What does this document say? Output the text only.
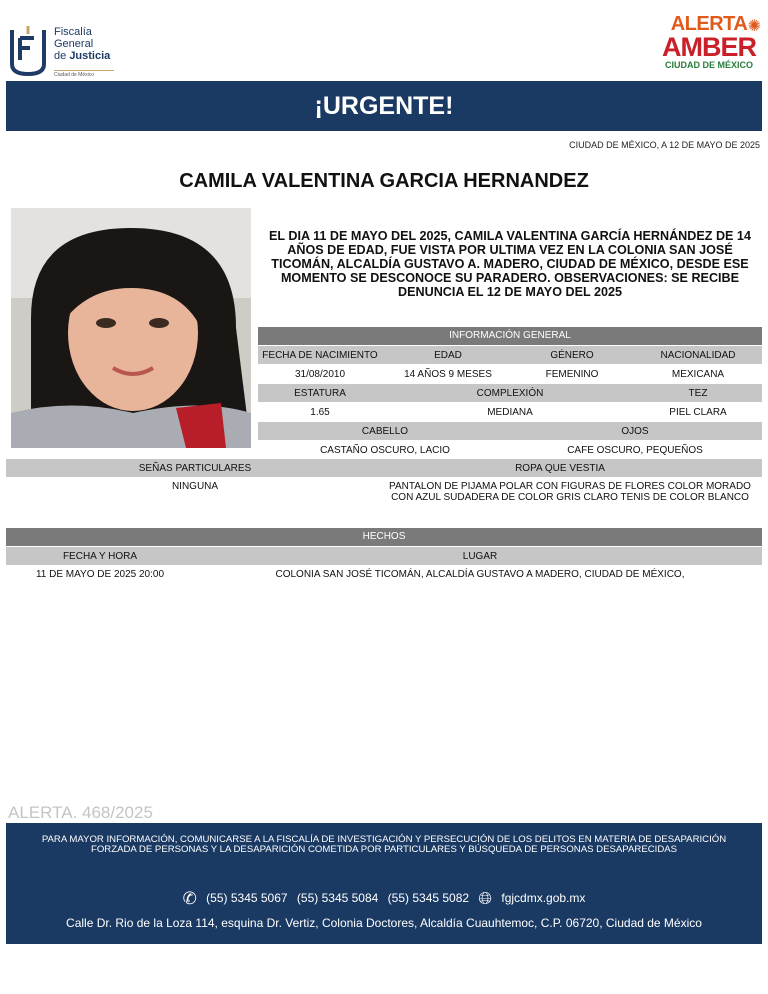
Fiscalía
General
de Justicia
Ciudad de México
✺
ALERTA
AMBER
CIUDAD DE MÉXICO
¡URGENTE!
CIUDAD DE MÉXICO, A 12 DE MAYO DE 2025
CAMILA VALENTINA GARCIA HERNANDEZ
EL DIA 11 DE MAYO DEL 2025, CAMILA VALENTINA GARCÍA HERNÁNDEZ DE 14 AÑOS DE EDAD, FUE VISTA POR ULTIMA VEZ EN LA COLONIA SAN JOSÉ TICOMÁN, ALCALDÍA GUSTAVO A. MADERO, CIUDAD DE MÉXICO, DESDE ESE MOMENTO SE DESCONOCE SU PARADERO. OBSERVACIONES: SE RECIBE DENUNCIA EL 12 DE MAYO DEL 2025
INFORMACIÓN GENERAL
FECHA DE NACIMIENTO	EDAD	GÉNERO	NACIONALIDAD
31/08/2010	14 AÑOS 9 MESES	FEMENINO	MEXICANA
ESTATURA	COMPLEXIÓN	TEZ
1.65	MEDIANA	PIEL CLARA
CABELLO	OJOS
CASTAÑO OSCURO, LACIO	CAFE OSCURO, PEQUEÑOS
SEÑAS PARTICULARES	ROPA QUE VESTIA
NINGUNA	PANTALON DE PIJAMA POLAR CON FIGURAS DE FLORES COLOR MORADO
CON AZUL SUDADERA DE COLOR GRIS CLARO TENIS DE COLOR BLANCO
HECHOS
FECHA Y HORA	LUGAR
11 DE MAYO DE 2025 20:00	COLONIA SAN JOSÉ TICOMÁN, ALCALDÍA GUSTAVO A MADERO, CIUDAD DE MÉXICO,
ALERTA. 468/2025
PARA MAYOR INFORMACIÓN, COMUNICARSE A LA FISCALÍA DE INVESTIGACIÓN Y PERSECUCIÓN DE LOS DELITOS EN MATERIA DE DESAPARICIÓN FORZADA DE PERSONAS Y LA DESAPARICIÓN COMETIDA POR PARTICULARES Y BÚSQUEDA DE PERSONAS DESAPARECIDAS
✆ (55) 5345 5067 (55) 5345 5084 (55) 5345 5082 🌐︎ fgjcdmx.gob.mx
Calle Dr. Rio de la Loza 114, esquina Dr. Vertiz, Colonia Doctores, Alcaldía Cuauhtemoc, C.P. 06720, Ciudad de México
